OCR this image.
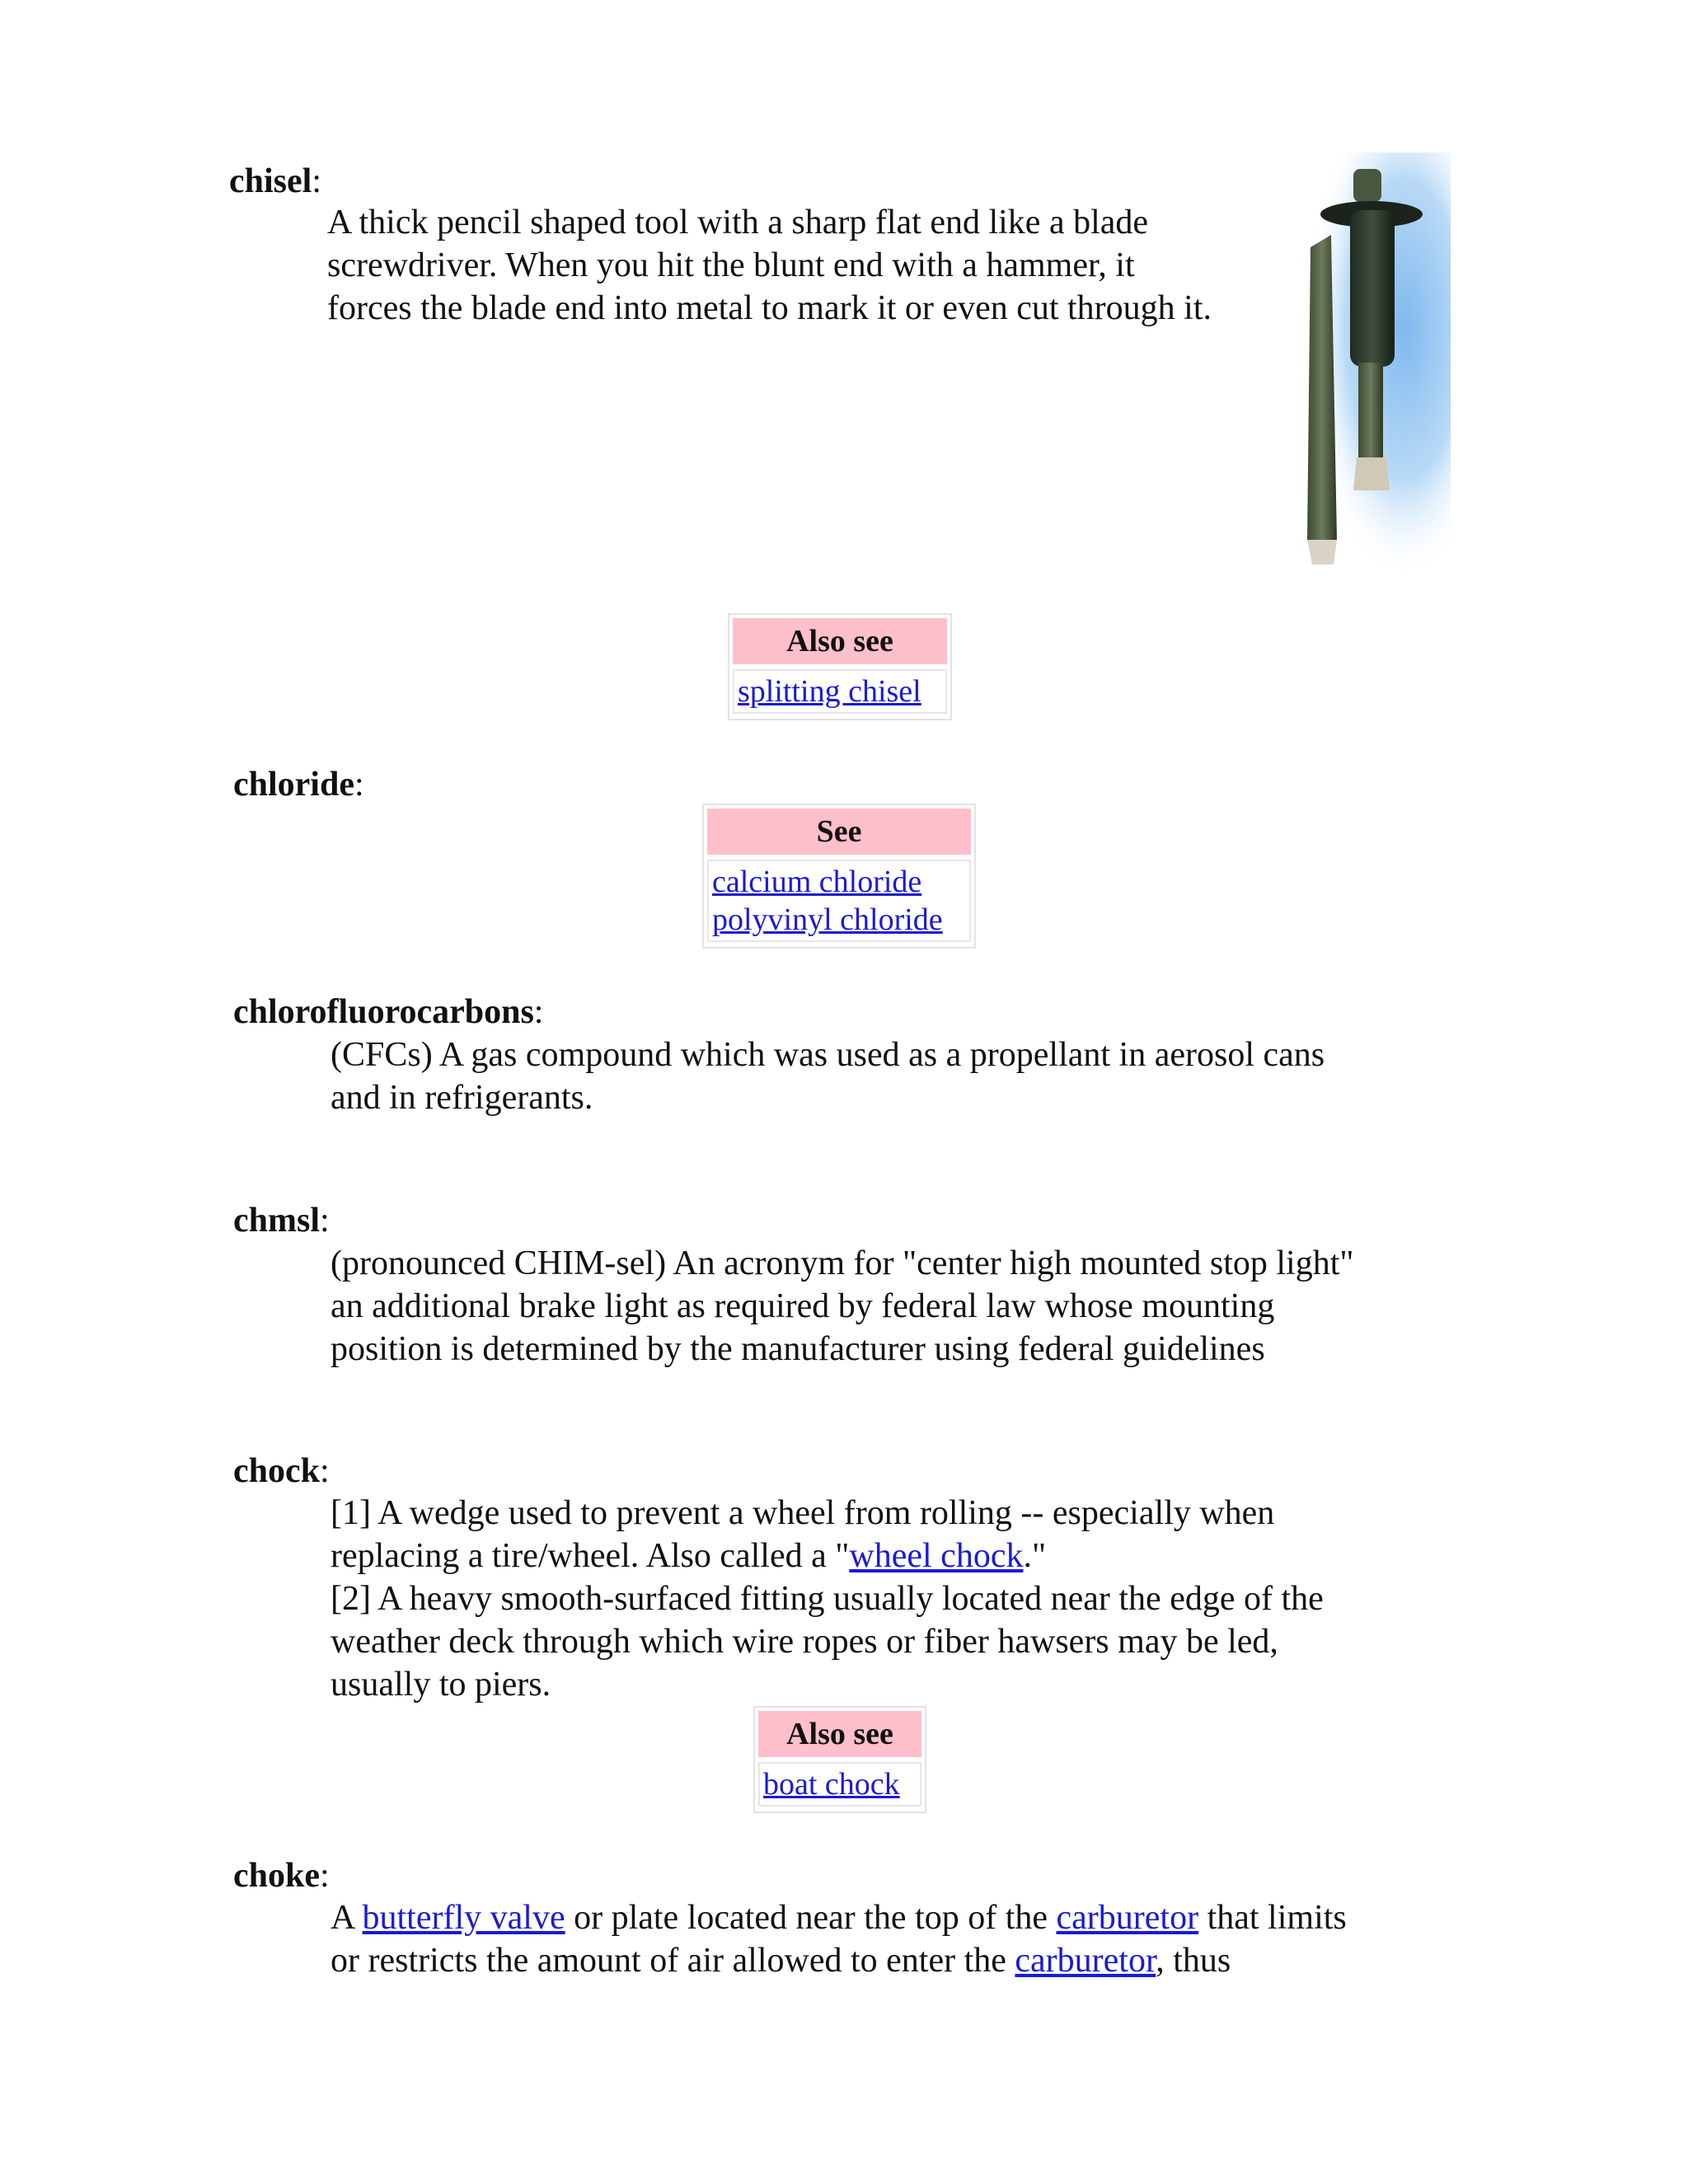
chisel:
A thick pencil shaped tool with a sharp flat end like a blade
screwdriver. When you hit the blunt end with a hammer, it
forces the blade end into metal to mark it or even cut through it.
Also see
splitting chisel
chloride:
See
calcium chloride
polyvinyl chloride
chlorofluorocarbons:
(CFCs) A gas compound which was used as a propellant in aerosol cans
and in refrigerants.
chmsl:
(pronounced CHIM-sel) An acronym for "center high mounted stop light"
an additional brake light as required by federal law whose mounting
position is determined by the manufacturer using federal guidelines
chock:
[1] A wedge used to prevent a wheel from rolling -- especially when
replacing a tire/wheel. Also called a "wheel chock."
[2] A heavy smooth-surfaced fitting usually located near the edge of the
weather deck through which wire ropes or fiber hawsers may be led,
usually to piers.
Also see
boat chock
choke:
A butterfly valve or plate located near the top of the carburetor that limits
or restricts the amount of air allowed to enter the carburetor, thus
